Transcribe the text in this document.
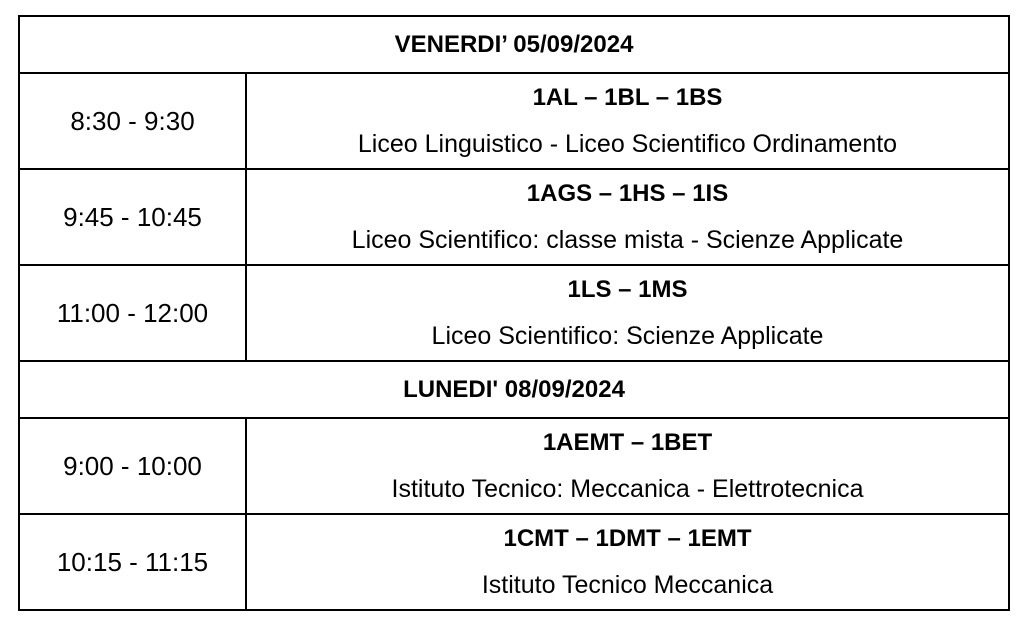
VENERDI’ 05/09/2024	
8:30 - 9:30	1AL – 1BL – 1BS
Liceo Linguistico - Liceo Scientifico Ordinamento

9:45 - 10:45	1AGS – 1HS – 1IS
Liceo Scientifico: classe mista - Scienze Applicate

11:00 - 12:00	1LS – 1MS
Liceo Scientifico: Scienze Applicate

LUNEDI' 08/09/2024	
9:00 - 10:00	1AEMT – 1BET
Istituto Tecnico: Meccanica - Elettrotecnica

10:15 - 11:15	1CMT – 1DMT – 1EMT
Istituto Tecnico Meccanica
